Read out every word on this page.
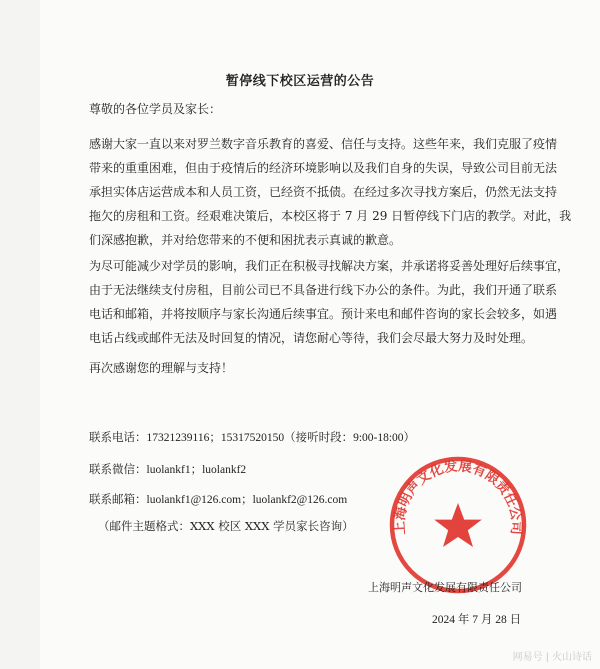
暂停线下校区运营的公告
尊敬的各位学员及家长：
感谢大家一直以来对罗兰数字音乐教育的喜爱、信任与支持。这些年来，我们克服了疫情
带来的重重困难，但由于疫情后的经济环境影响以及我们自身的失误，导致公司目前无法
承担实体店运营成本和人员工资，已经资不抵债。在经过多次寻找方案后，仍然无法支持
拖欠的房租和工资。经艰难决策后，本校区将于 7 月 29 日暂停线下门店的教学。对此，我
们深感抱歉，并对给您带来的不便和困扰表示真诚的歉意。
为尽可能减少对学员的影响，我们正在积极寻找解决方案，并承诺将妥善处理好后续事宜，
由于无法继续支付房租，目前公司已不具备进行线下办公的条件。为此，我们开通了联系
电话和邮箱，并将按顺序与家长沟通后续事宜。预计来电和邮件咨询的家长会较多，如遇
电话占线或邮件无法及时回复的情况，请您耐心等待，我们会尽最大努力及时处理。
再次感谢您的理解与支持！
联系电话：17321239116；15317520150（接听时段：9:00-18:00）
联系微信：luolankf1；luolankf2
联系邮箱：luolankf1@126.com；luolankf2@126.com
（邮件主题格式：XXX 校区 XXX 学员家长咨询）	上海明声文化发展有限责任公司
上海明声文化发展有限责任公司
2024 年 7 月 28 日
网易号 | 火山诗话
